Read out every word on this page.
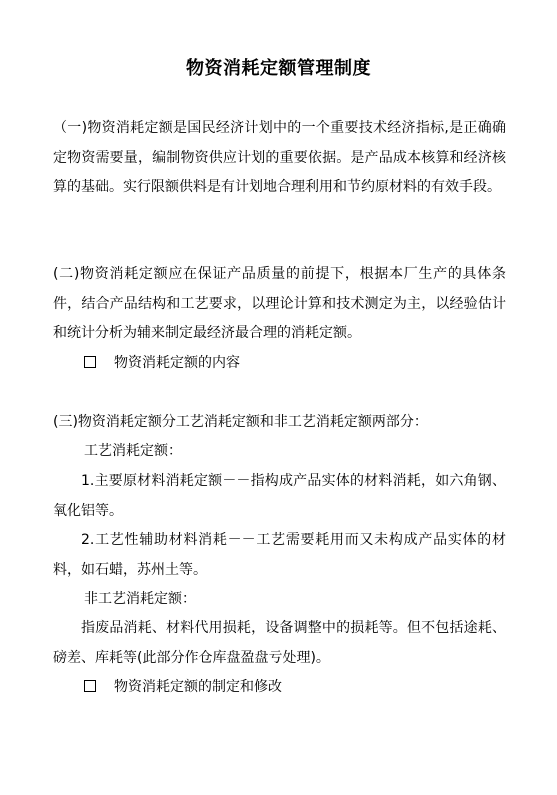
物资消耗定额管理制度

（一)物资消耗定额是国民经济计划中的一个重要技术经济指标,是正确确定物资需要量，编制物资供应计划的重要依据。是产品成本核算和经济核算的基础。实行限额供料是有计划地合理利用和节约原材料的有效手段。

(二)物资消耗定额应在保证产品质量的前提下，根据本厂生产的具体条件，结合产品结构和工艺要求，以理论计算和技术测定为主，以经验估计和统计分析为辅来制定最经济最合理的消耗定额。

物资消耗定额的内容
(三)物资消耗定额分工艺消耗定额和非工艺消耗定额两部分：
工艺消耗定额：

1.主要原材料消耗定额－－指构成产品实体的材料消耗，如六角钢、氧化铝等。

2.工艺性辅助材料消耗－－工艺需要耗用而又未构成产品实体的材料，如石蜡，苏州土等。

非工艺消耗定额：

指废品消耗、材料代用损耗，设备调整中的损耗等。但不包括途耗、磅差、库耗等(此部分作仓库盘盈盘亏处理)。

物资消耗定额的制定和修改
